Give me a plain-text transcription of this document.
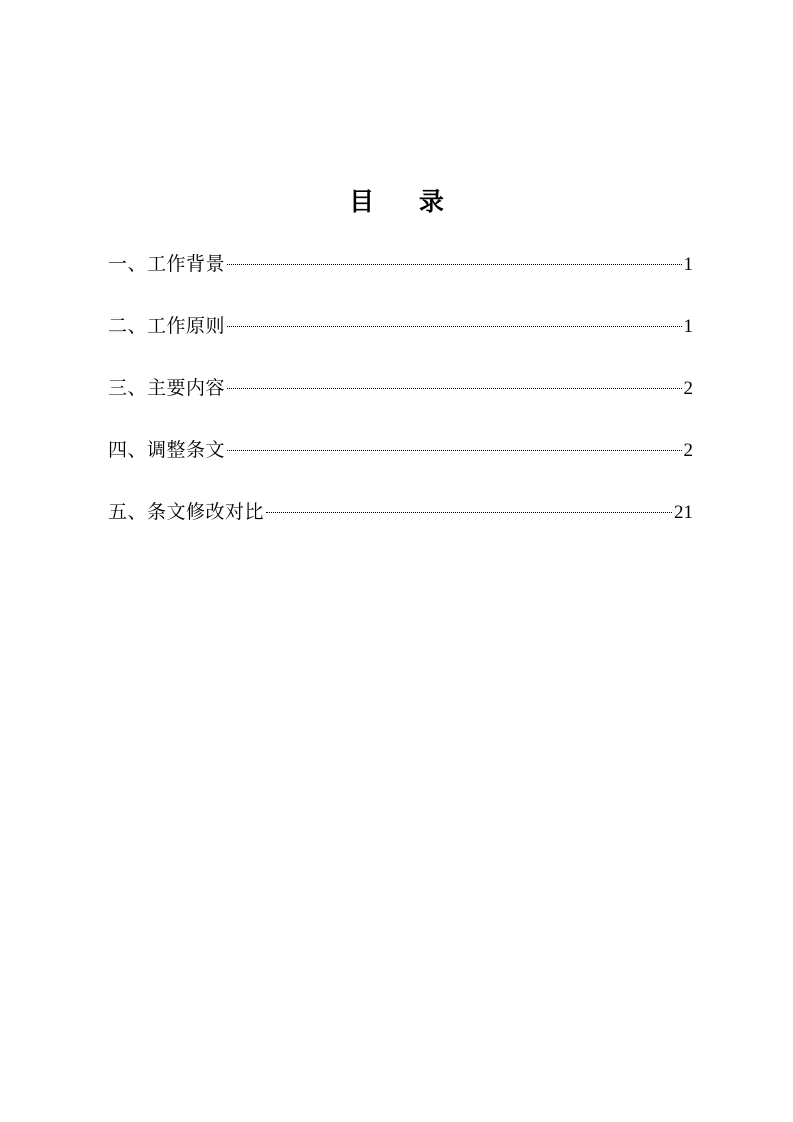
目 录
一、工作背景	1
二、工作原则	1
三、主要内容	2
四、调整条文	2
五、条文修改对比	21
